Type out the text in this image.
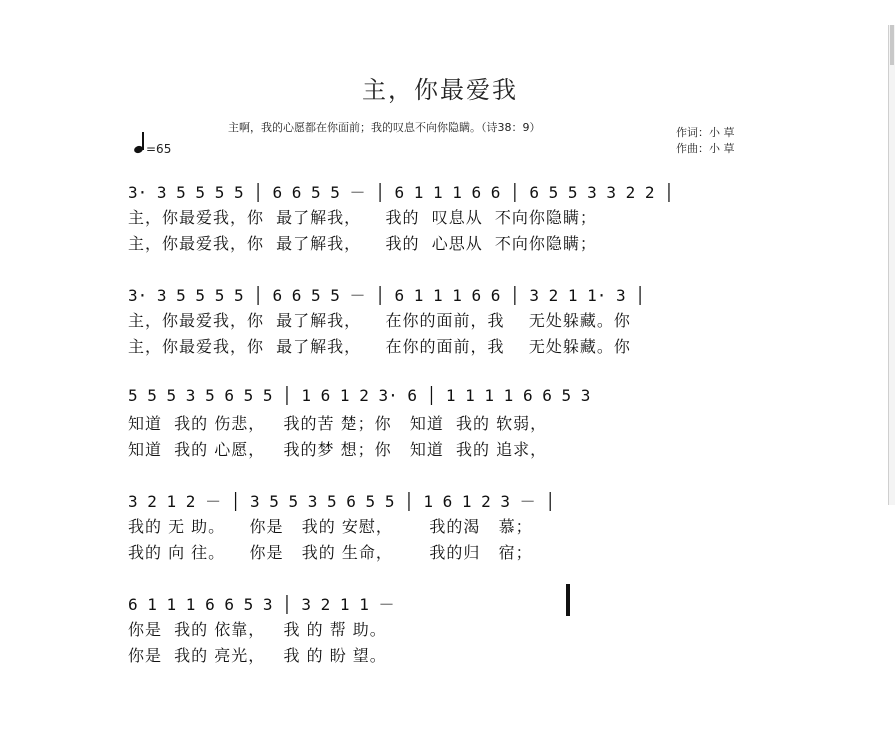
主，你最爱我
主啊，我的心愿都在你面前；我的叹息不向你隐瞒。（诗38：9）	作词：小 草
作曲：小 草
=65
3· 3 5 5 5 5 │ 6 6 5 5 － │ 6 1 1 1 6 6 │ 6 5 5 3 3 2 2 │
主，你最爱我，你  最了解我，    我的  叹息从  不向你隐瞒；
主，你最爱我，你  最了解我，    我的  心思从  不向你隐瞒；
3· 3 5 5 5 5 │ 6 6 5 5 － │ 6 1 1 1 6 6 │ 3 2 1 1· 3 │
主，你最爱我，你  最了解我，    在你的面前，我    无处躲藏。你
主，你最爱我，你  最了解我，    在你的面前，我    无处躲藏。你
5 5 5 3 5 6 5 5 │ 1 6 1 2 3· 6 │ 1 1 1 1 6 6 5 3
知道  我的 伤悲，   我的苦 楚；你   知道  我的 软弱，
知道  我的 心愿，   我的梦 想；你   知道  我的 追求，
3 2 1 2 － │ 3 5 5 3 5 6 5 5 │ 1 6 1 2 3 － │
我的 无 助。    你是   我的 安慰，      我的渴   慕；
我的 向 往。    你是   我的 生命，      我的归   宿；
6 1 1 1 6 6 5 3 │ 3 2 1 1 －
你是  我的 依靠，   我 的 帮 助。
你是  我的 亮光，   我 的 盼 望。
